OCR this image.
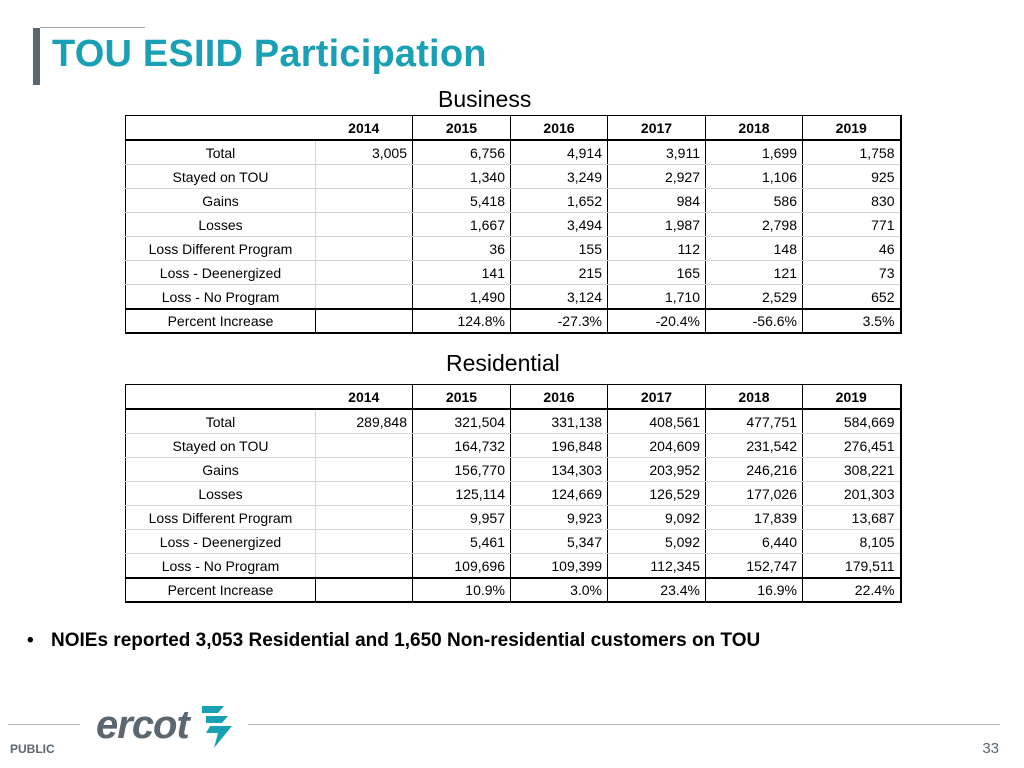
TOU ESIID Participation
Business
	2014	2015	2016	2017	2018	2019
Total	3,005	6,756	4,914	3,911	1,699	1,758
Stayed on TOU		1,340	3,249	2,927	1,106	925
Gains		5,418	1,652	984	586	830
Losses		1,667	3,494	1,987	2,798	771
Loss Different Program		36	155	112	148	46
Loss - Deenergized		141	215	165	121	73
Loss - No Program		1,490	3,124	1,710	2,529	652
Percent Increase		124.8%	-27.3%	-20.4%	-56.6%	3.5%
Residential
	2014	2015	2016	2017	2018	2019
Total	289,848	321,504	331,138	408,561	477,751	584,669
Stayed on TOU		164,732	196,848	204,609	231,542	276,451
Gains		156,770	134,303	203,952	246,216	308,221
Losses		125,114	124,669	126,529	177,026	201,303
Loss Different Program		9,957	9,923	9,092	17,839	13,687
Loss - Deenergized		5,461	5,347	5,092	6,440	8,105
Loss - No Program		109,696	109,399	112,345	152,747	179,511
Percent Increase		10.9%	3.0%	23.4%	16.9%	22.4%
• NOIEs reported 3,053 Residential and 1,650 Non-residential customers on TOU
ercot
PUBLIC	33
